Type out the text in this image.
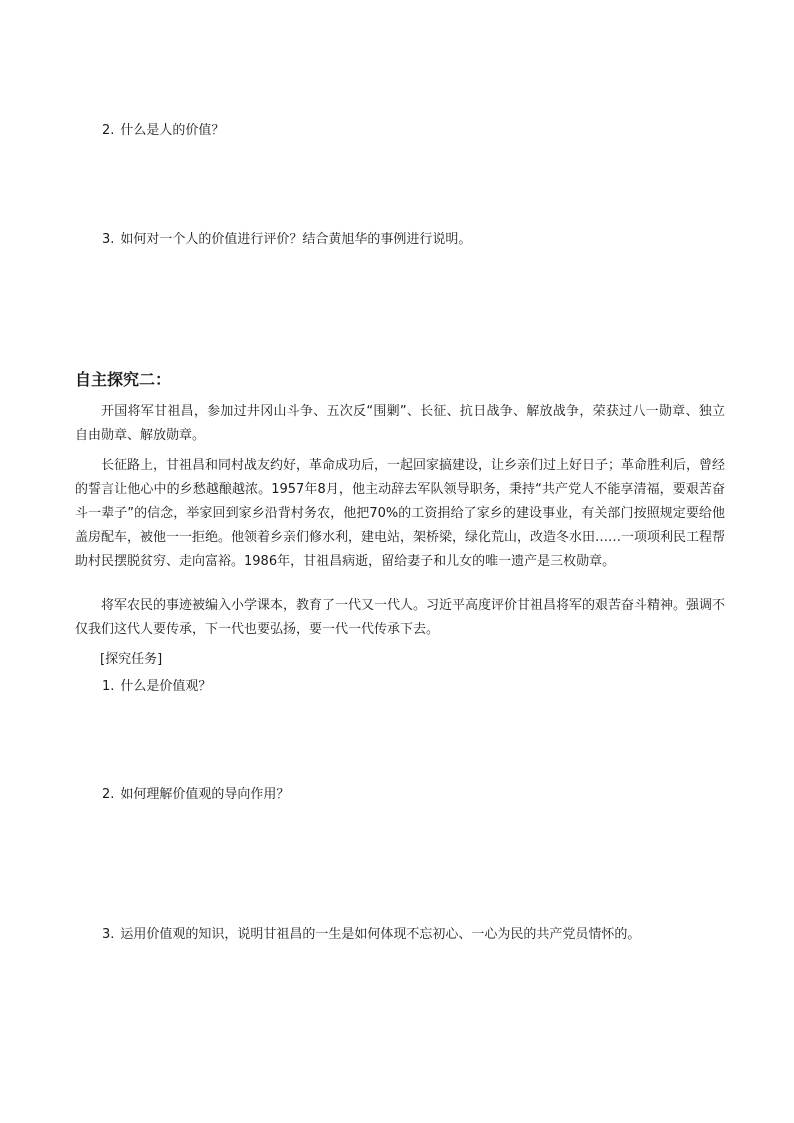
2. 什么是人的价值？
3. 如何对一个人的价值进行评价？结合黄旭华的事例进行说明。
自主探究二：

开国将军甘祖昌，参加过井冈山斗争、五次反“围剿”、长征、抗日战争、解放战争，荣获过八一勋章、独立自由勋章、解放勋章。

长征路上，甘祖昌和同村战友约好，革命成功后，一起回家搞建设，让乡亲们过上好日子；革命胜利后，曾经的誓言让他心中的乡愁越酿越浓。1957年8月，他主动辞去军队领导职务，秉持“共产党人不能享清福，要艰苦奋斗一辈子”的信念，举家回到家乡沿背村务农，他把70%的工资捐给了家乡的建设事业，有关部门按照规定要给他盖房配车，被他一一拒绝。他领着乡亲们修水利，建电站，架桥梁，绿化荒山，改造冬水田……一项项利民工程帮助村民摆脱贫穷、走向富裕。1986年，甘祖昌病逝，留给妻子和儿女的唯一遗产是三枚勋章。

将军农民的事迹被编入小学课本，教育了一代又一代人。习近平高度评价甘祖昌将军的艰苦奋斗精神。强调不仅我们这代人要传承，下一代也要弘扬，要一代一代传承下去。

[探究任务]
1. 什么是价值观？
2. 如何理解价值观的导向作用？
3. 运用价值观的知识，说明甘祖昌的一生是如何体现不忘初心、一心为民的共产党员情怀的。
